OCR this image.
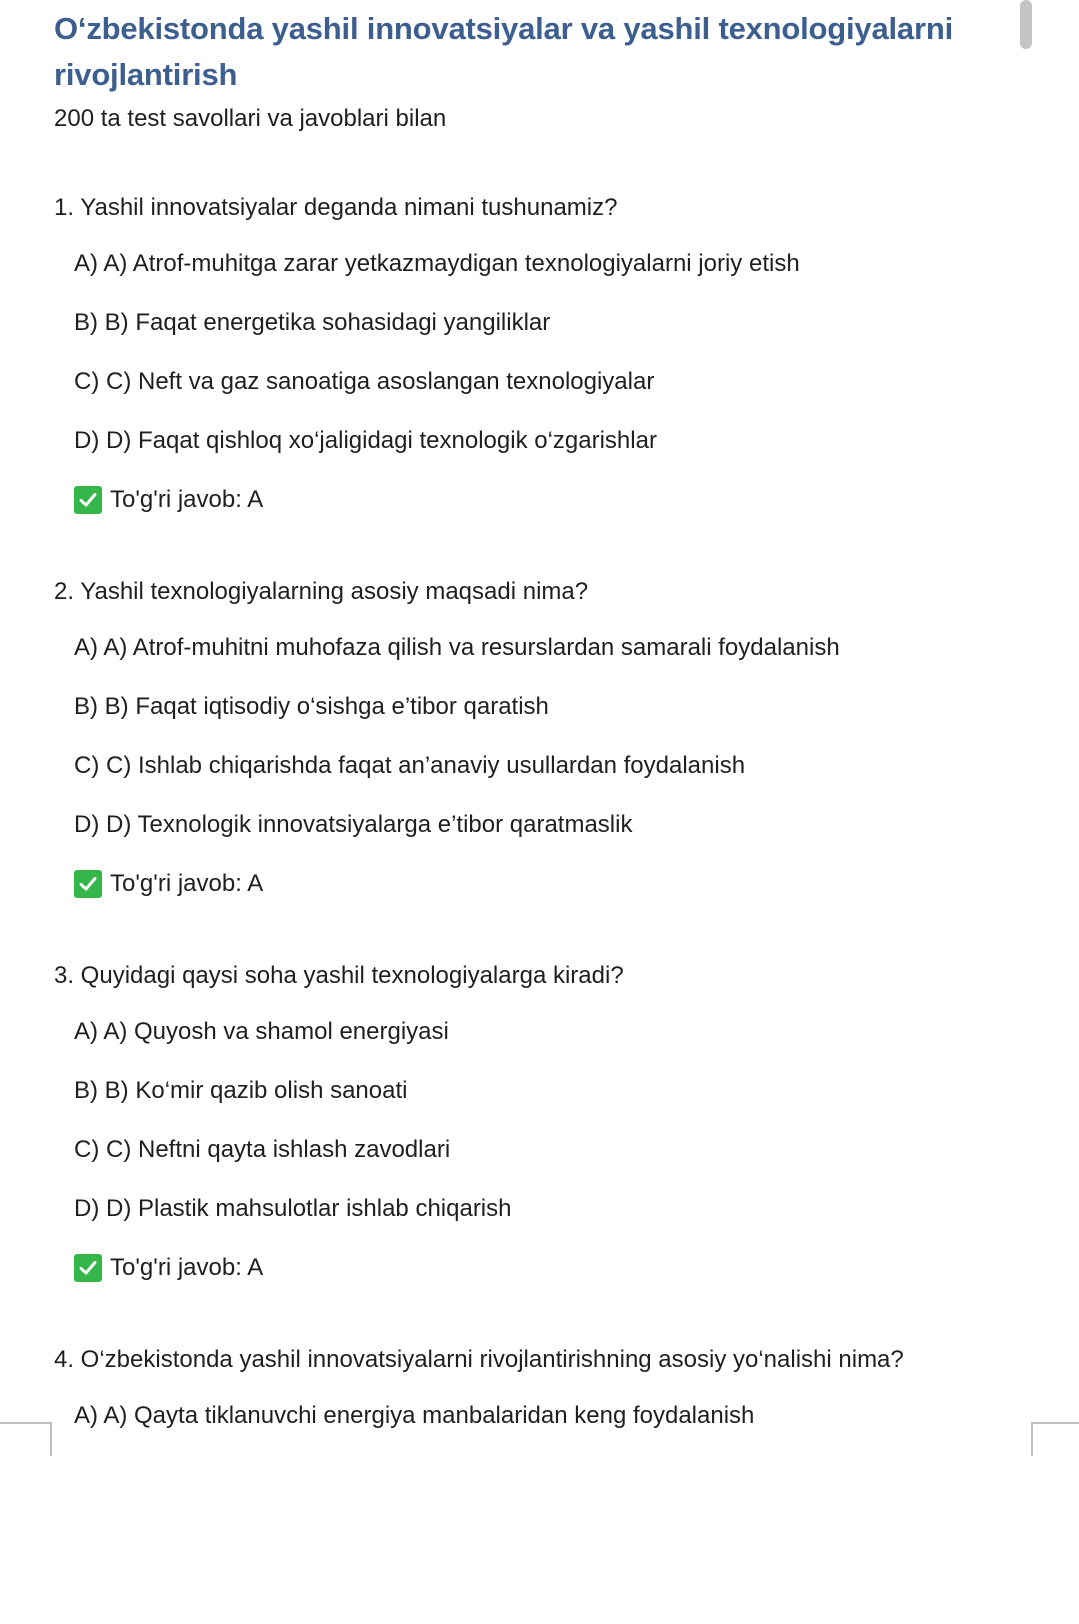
O‘zbekistonda yashil innovatsiyalar va yashil texnologiyalarni rivojlantirish

200 ta test savollari va javoblari bilan

1. Yashil innovatsiyalar deganda nimani tushunamiz?

A) A) Atrof-muhitga zarar yetkazmaydigan texnologiyalarni joriy etish
B) B) Faqat energetika sohasidagi yangiliklar
C) C) Neft va gaz sanoatiga asoslangan texnologiyalar
D) D) Faqat qishloq xo‘jaligidagi texnologik o‘zgarishlar
To'g'ri javob: A

2. Yashil texnologiyalarning asosiy maqsadi nima?

A) A) Atrof-muhitni muhofaza qilish va resurslardan samarali foydalanish
B) B) Faqat iqtisodiy o‘sishga e’tibor qaratish
C) C) Ishlab chiqarishda faqat an’anaviy usullardan foydalanish
D) D) Texnologik innovatsiyalarga e’tibor qaratmaslik
To'g'ri javob: A

3. Quyidagi qaysi soha yashil texnologiyalarga kiradi?

A) A) Quyosh va shamol energiyasi
B) B) Ko‘mir qazib olish sanoati
C) C) Neftni qayta ishlash zavodlari
D) D) Plastik mahsulotlar ishlab chiqarish
To'g'ri javob: A

4. O‘zbekistonda yashil innovatsiyalarni rivojlantirishning asosiy yo‘nalishi nima?

A) A) Qayta tiklanuvchi energiya manbalaridan keng foydalanish
